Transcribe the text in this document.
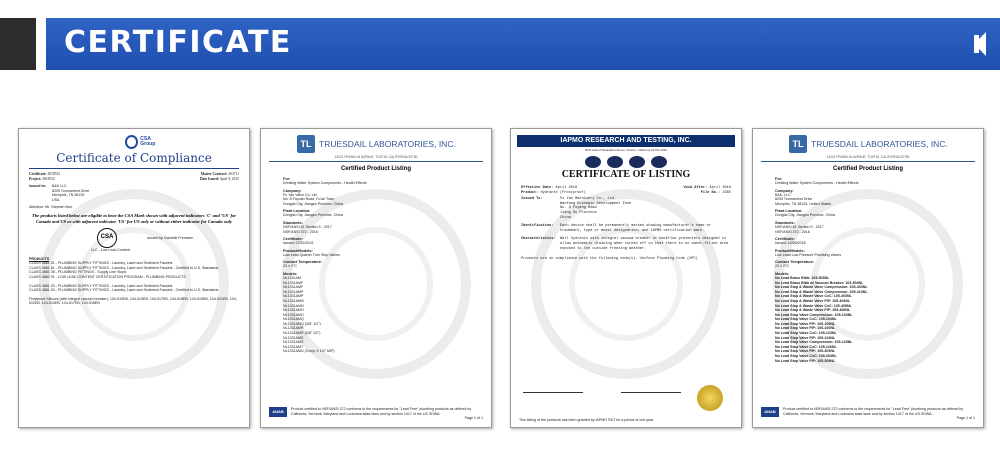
CERTIFICATE
CSA Group
Certificate of Compliance
Certificate: 2818552	Master Contract: 263711
Project: 2818552	Date Issued: April 9, 2015
Issued to: B&K LLC
8205 Tournament Drive
Memphis, TN 38125
USA
Attention: Mr. Stephen Norr
The products listed below are eligible to bear the CSA Mark shown with adjacent indicators 'C' and 'US' for Canada and US or with adjacent indicator 'US' for US only or without either indicator for Canada only
CSA	Issued by: Danielle Frenssen
LLC - Low Lead Content
PRODUCTS
CLASS 4881 01 - PLUMBING SUPPLY FITTINGS - Laundry, Lawn and Sediment Faucets
CLASS 4881 81 - PLUMBING SUPPLY FITTINGS - Laundry, Lawn and Sediment Faucets - Certified to U.S. Standards
CLASS 4881 06 - PLUMBING FITTINGS - Supply Line Stops
CLASS 4882 01 - LOW LEAD CONTENT CERTIFICATION PROGRAM - PLUMBING PRODUCTS
CLASS 4881 03 - PLUMBING SUPPLY FITTINGS - Laundry, Lawn and Sediment Faucets
CLASS 4881 83 - PLUMBING SUPPLY FITTINGS - Laundry, Lawn and Sediment Faucets - Certified to U.S. Standards
Frostproof Sillcock (with integral vacuum breaker), 104-513EB, 104-513EB, 104-517EB, 104-518EB, 104-519EB, 104-521EB, 104-512EB, 104-513EB, 104-517EB, 104-518EB
TL TRUESDAIL LABORATORIES, INC.
14201 FRANKLIN AVENUE, TUSTIN, CALIFORNIA 92780
Certified Product Listing
For:
Drinking Water System Components - Health Effects
Company:
Fu Yan Valve Co. Ltd.
No. 8 Fuyuan Road, Fu'an Town
Dongtai City, Jiangsu Province, China
Plant Location:
Dongtai City, Jiangsu Province, China
Standards:
NSF/ANSI 61 Section 9 - 2017
NSF/ANSI 372 - 2016
Certificate:
Issued: 07/11/2019
Product/Models:
Low Lead Quarter Turn Stop Valves
Contact Temperature:
23 ± 2°C
Models:
NL1331AM
NL1331AMF
NL1331AMF
NL1331AMP
NL1331AMP
NL1331AMN
NL1331AMN
NL1331AMO
NL1331AMO
NL1331AMQ
NL1331AMQ (3/8" 1/2")
NL1331AMR
NL1331AMR (3/8" 1/2")
NL1331AMS
NL1331AMS
NL1331AMT
NL1331AMU (Comp X 1/2" MIP)
ANAB	Product certified to NSF/ANSI 372 conforms to the requirements for "Lead Free" plumbing products as defined by California, Vermont, Maryland and Louisiana state laws and by section 1417 of the US SDWA.
Page 1 of 1
IAPMO RESEARCH AND TESTING, INC.
5001 East Philadelphia Street, Ontario, California 91761-2816
CERTIFICATE OF LISTING
Effective Date: April 2018	Void After: April 2019
Product: Hydrants (Frostproof)	File No.: 2385
Issued To:	Fu Yan Machinery Co., Ltd.
Wanfang Economic Development Zone
No. 8 Fuyang Road
Jiang Su Province
China
Identification:	Each device shall be permanently marked showing manufacturer's name or trademark, type or model designation, and IAPMO certification mark.
Characteristics:	Wall hydrants with integral vacuum breaker or backflow preventers designed to allow automatic draining when turned off so that there is no water-filled area exposed to the outside freezing weather.
Products are in compliance with the following code(s): Uniform Plumbing Code (UPC)
This listing of the products has been granted by IAPMO R&T for a period of one year.
TL TRUESDAIL LABORATORIES, INC.
14201 FRANKLIN AVENUE, TUSTIN, CALIFORNIA 92780
Certified Product Listing
For:
Drinking Water System Components - Health Effects
Company:
B&K, LLC
8205 Tournament Drive
Memphis, TN 38125, United States
Plant Location:
Dongtai City, Jiangsu Province, China
Standards:
NSF/ANSI 61 Section 9 - 2017
NSF/ANSI 372 - 2016
Certificate:
Issued: 12/06/2018
Product/Models:
Low Lead Low Pressure Plumbing Valves
Contact Temperature:
23 ± 2°C
Models:
No Lead Brass Bibb: 103-503NL
No Lead Brass Bibb w/ Vacuum Breaker: 103-504NL
No Lead Stop & Waste Valve Compression: 105-433NL
No Lead Stop & Waste Valve Compression: 105-413NL
No Lead Stop & Waste Valve CxC: 105-403NL
No Lead Stop & Waste Valve FIP: 105-404NL
No Lead Stop & Waste Valve CxC: 105-405NL
No Lead Stop & Waste Valve FIP: 105-406NL
No Lead Stop Valve Compression: 105-103NL
No Lead Stop Valve CxC: 105-104NL
No Lead Stop Valve FIP: 105-105NL
No Lead Stop Valve FIP: 105-106NL
No Lead Stop Valve CxC: 105-123NL
No Lead Stop Valve FIP: 105-124NL
No Lead Stop Valve Compression: 105-125NL
No Lead Stop Valve CxC: 105-126NL
No Lead Stop Valve FIP: 105-303NL
No Lead Stop Valve CxC: 105-304NL
No Lead Stop Valve FIP: 105-305NL
ANAB	Product certified to NSF/ANSI 372 conforms to the requirements for "Lead Free" plumbing products as defined by California, Vermont, Maryland and Louisiana state laws and by section 1417 of the US SDWA.
Page 1 of 1
